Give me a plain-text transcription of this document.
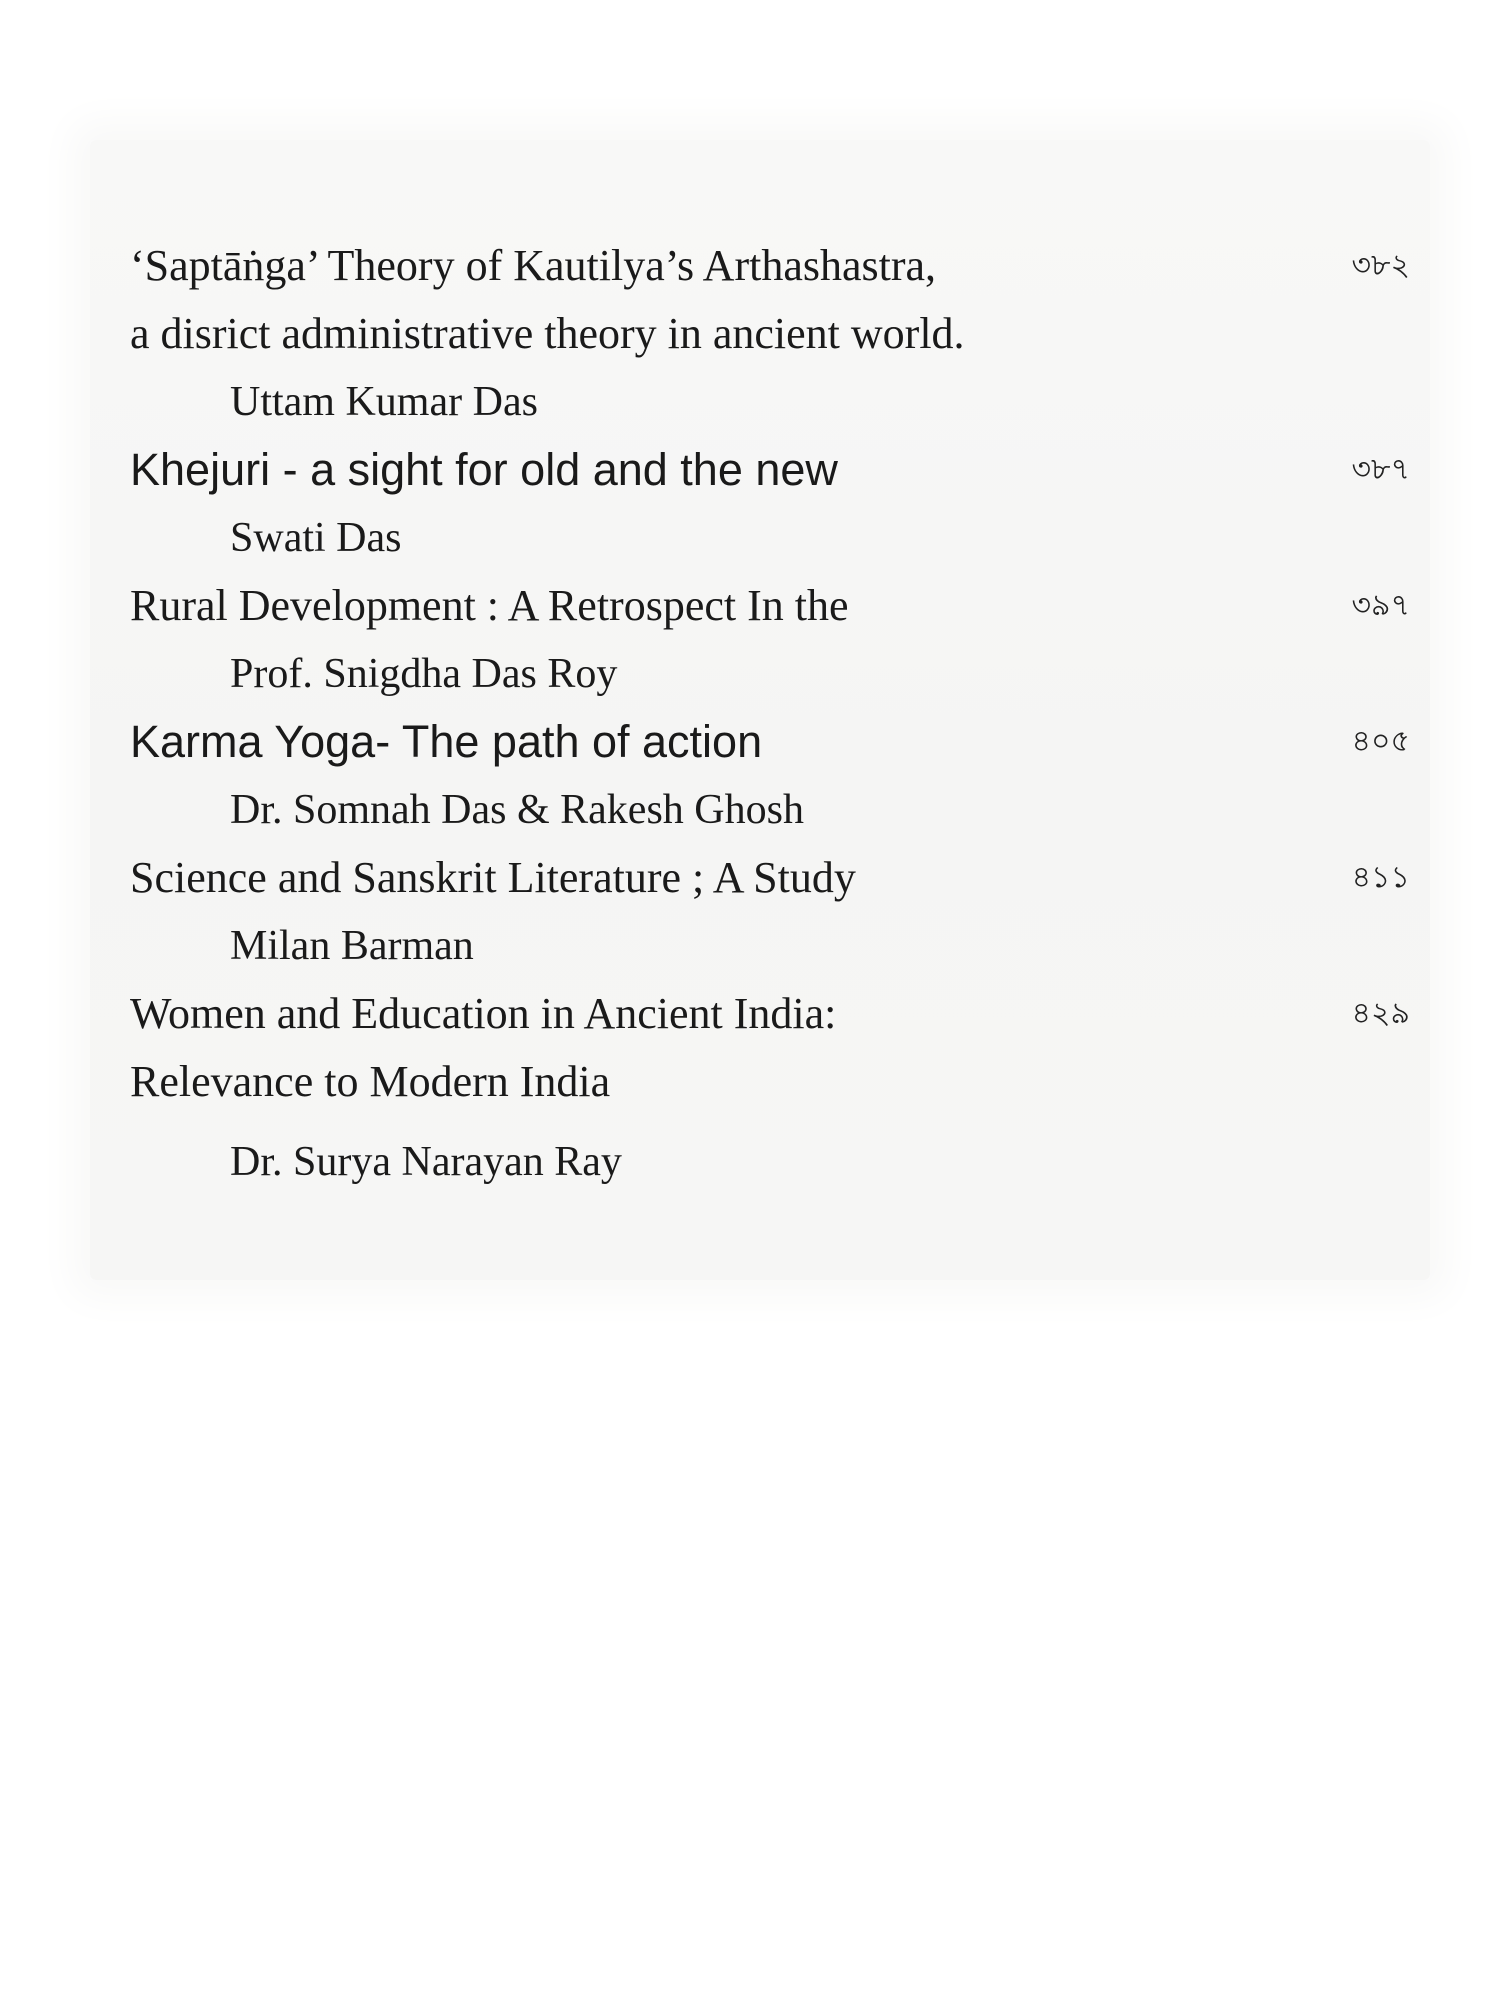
‘Saptāṅga’ Theory of Kautilya’s Arthashastra,
a disrict administrative theory in ancient world.
Uttam Kumar Das
৩৮২
Khejuri - a sight for old and the new
Swati Das
৩৮৭
Rural Development : A Retrospect In the
Prof. Snigdha Das Roy
৩৯৭
Karma Yoga- The path of action
Dr. Somnah Das & Rakesh Ghosh
৪০৫
Science and Sanskrit Literature ; A Study
Milan Barman
৪১১
Women and Education in Ancient India:
Relevance to Modern India
Dr. Surya Narayan Ray
৪২৯
